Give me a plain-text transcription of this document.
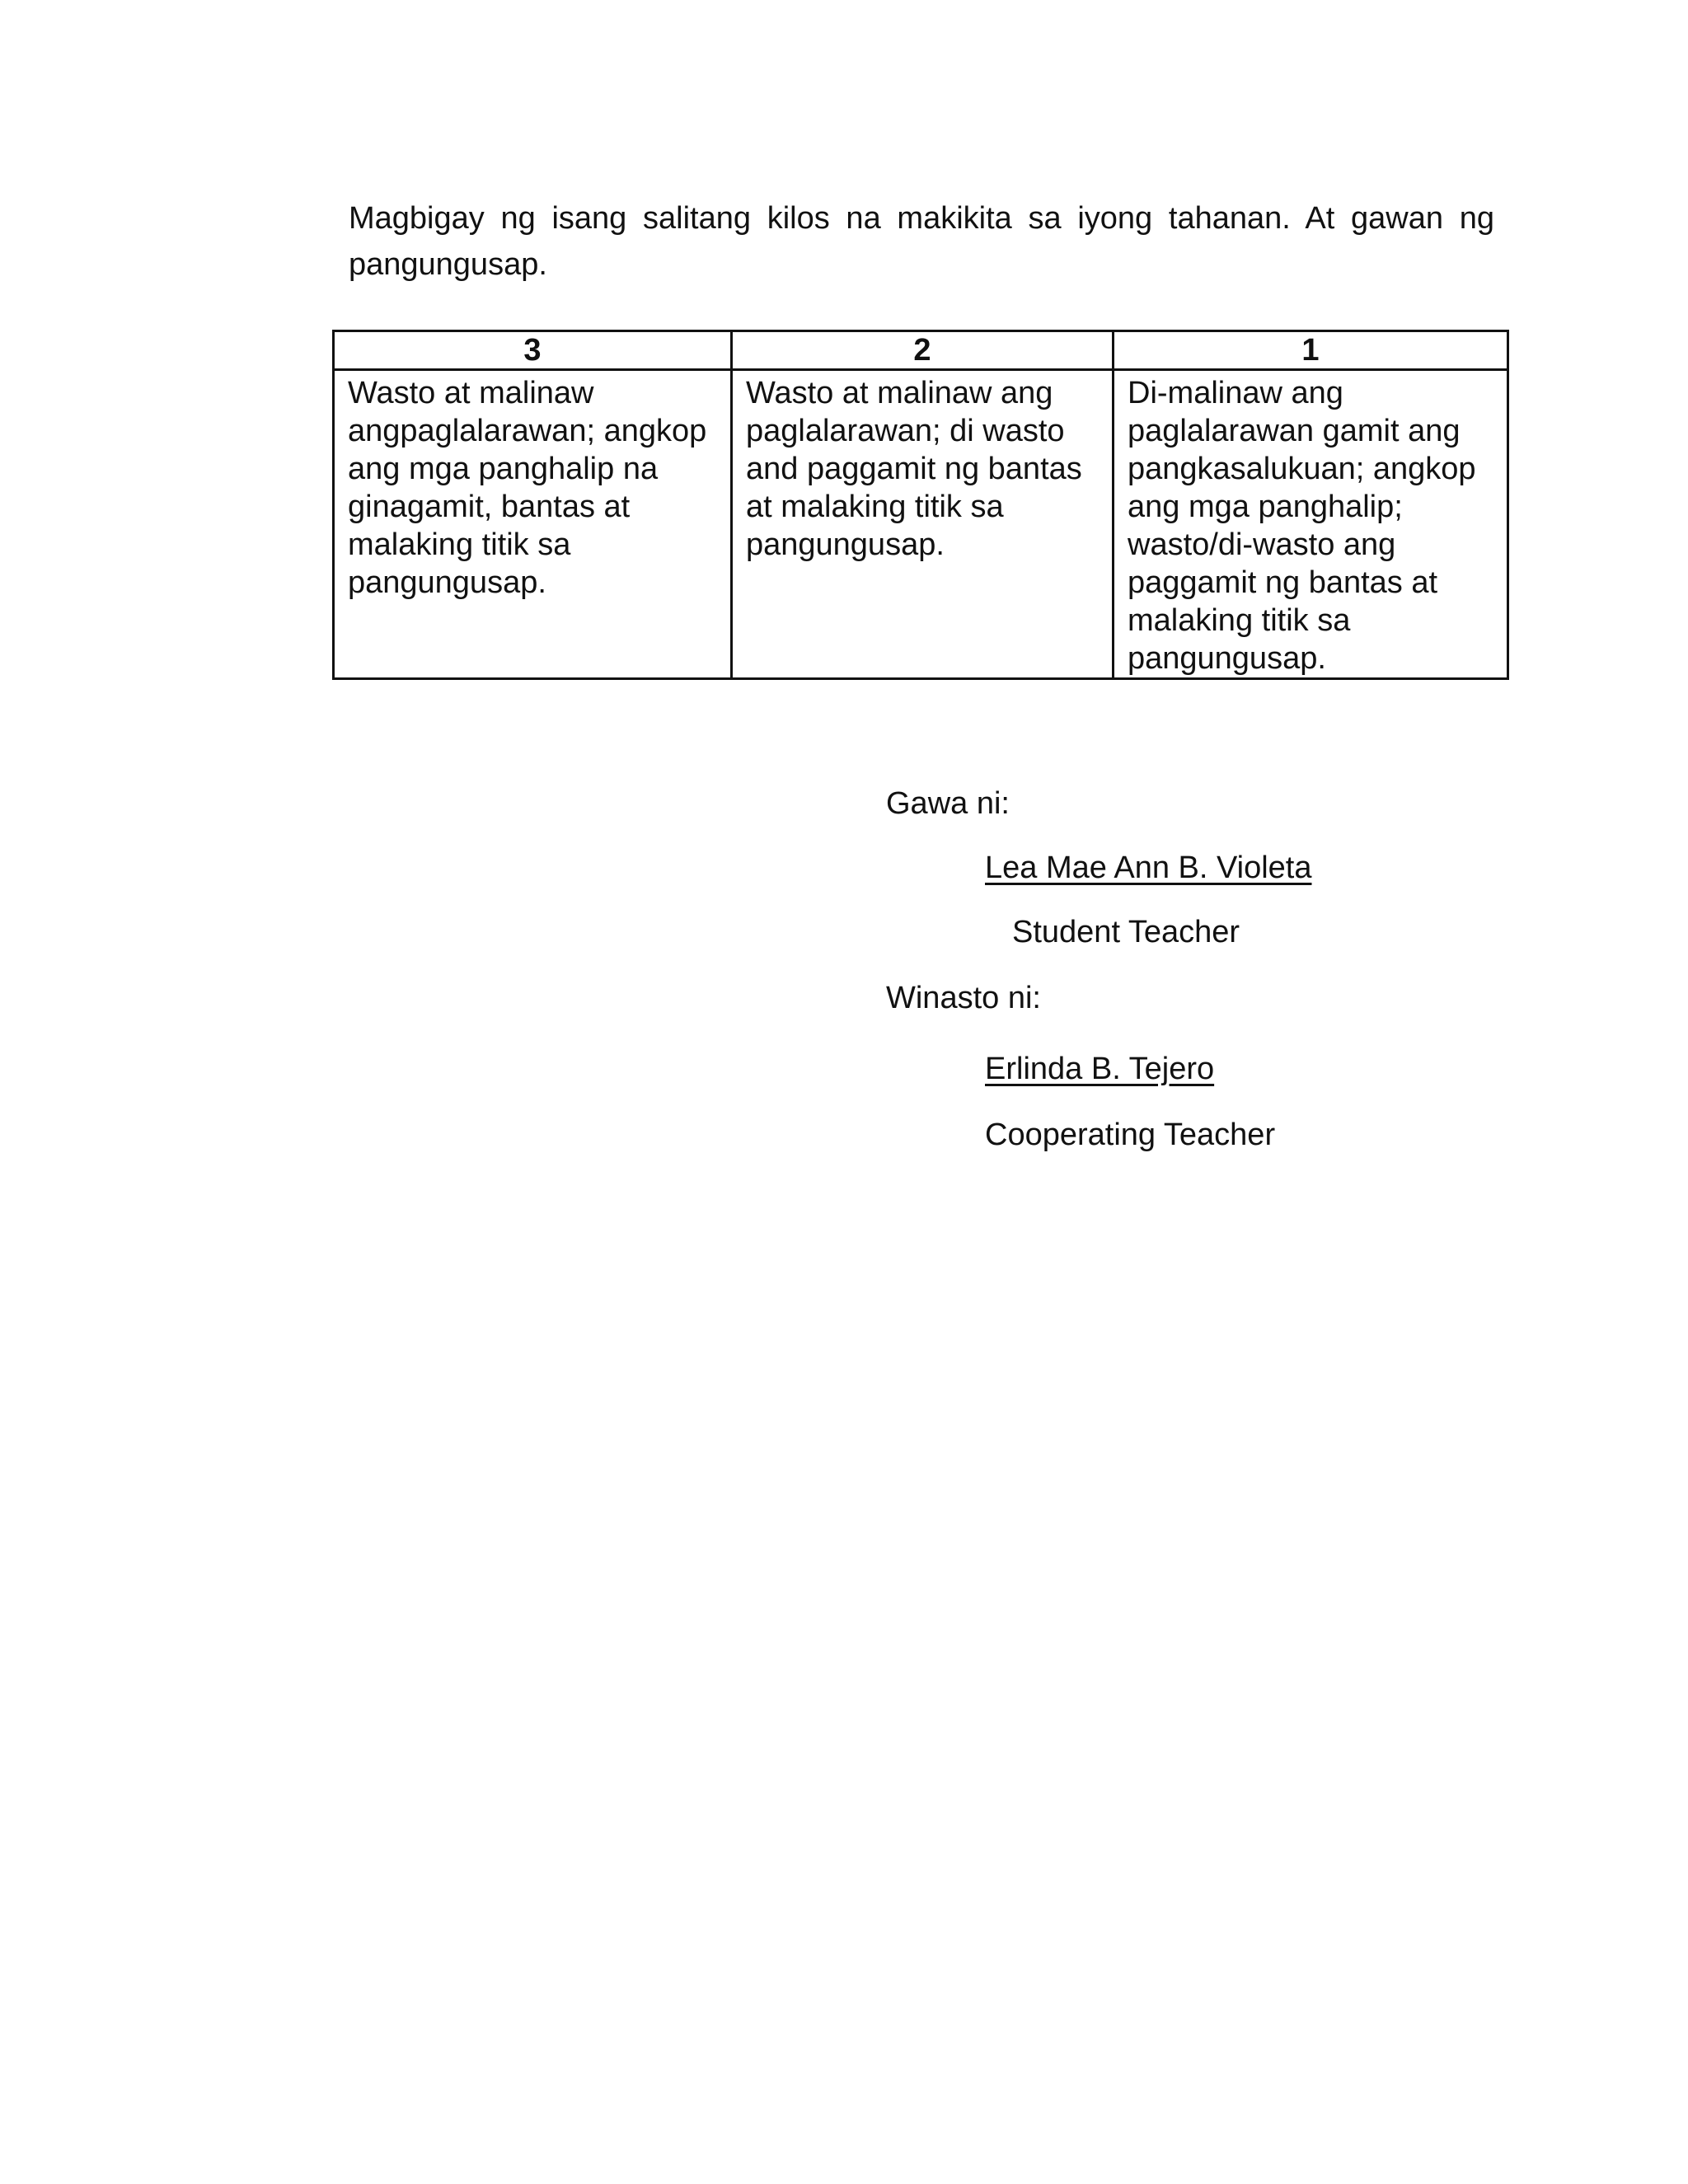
Magbigay ng isang salitang kilos na makikita sa iyong tahanan. At gawan ng pangungusap.

3	2	1
Wasto at malinaw angpaglalarawan; angkop ang mga panghalip na ginagamit, bantas at malaking titik sa pangungusap.	Wasto at malinaw ang paglalarawan; di wasto and paggamit ng bantas at malaking titik sa pangungusap.	Di-malinaw ang paglalarawan gamit ang pangkasalukuan; angkop ang mga panghalip; wasto/di-wasto ang paggamit ng bantas at malaking titik sa pangungusap.

Gawa ni:

Lea Mae Ann B. Violeta

Student Teacher

Winasto ni:

Erlinda B. Tejero

Cooperating Teacher
